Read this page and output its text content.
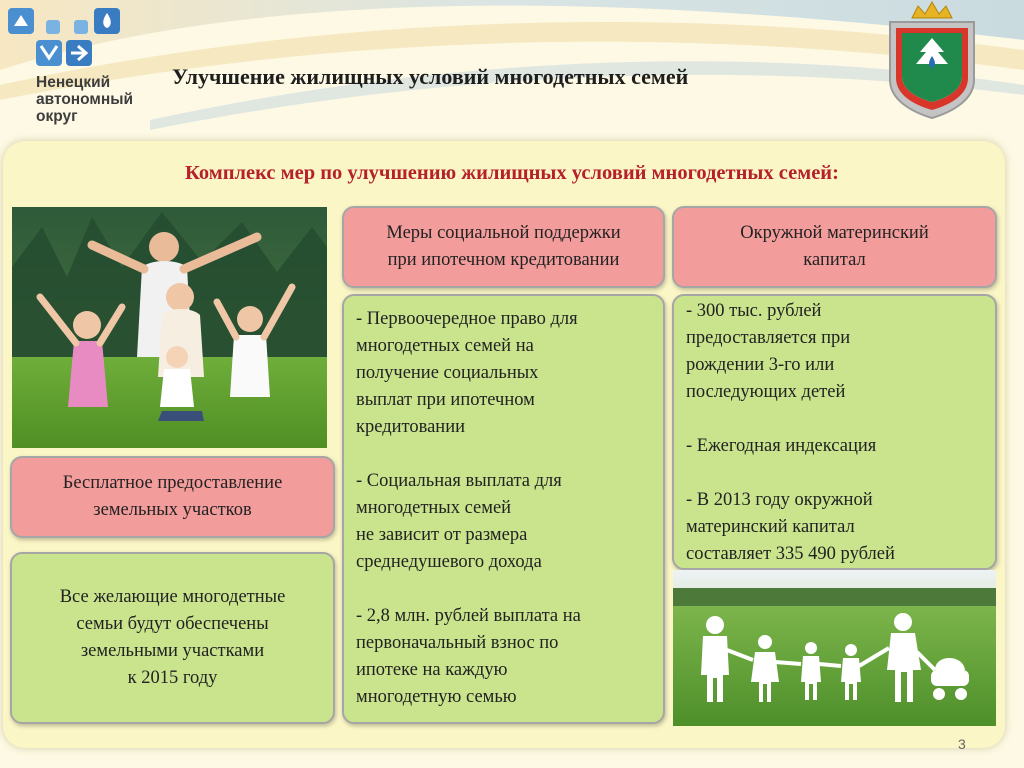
Ненецкий
автономный
округ
Улучшение жилищных условий многодетных семей
Комплекс мер по улучшению жилищных условий многодетных семей:
Бесплатное предоставление
земельных участков
Все желающие многодетные
семьи будут обеспечены
земельными участками
к 2015 году
Меры социальной поддержки
при ипотечном кредитовании
- Первоочередное право для
многодетных семей на
получение социальных
выплат при ипотечном
кредитовании
- Социальная выплата для
многодетных семей
не зависит от размера
среднедушевого дохода
- 2,8 млн. рублей выплата на
первоначальный взнос по
ипотеке на каждую
многодетную семью
Окружной материнский
капитал
- 300 тыс. рублей
предоставляется при
рождении 3-го или
последующих детей
- Ежегодная индексация
- В 2013 году окружной
материнский капитал
составляет 335 490 рублей
3
